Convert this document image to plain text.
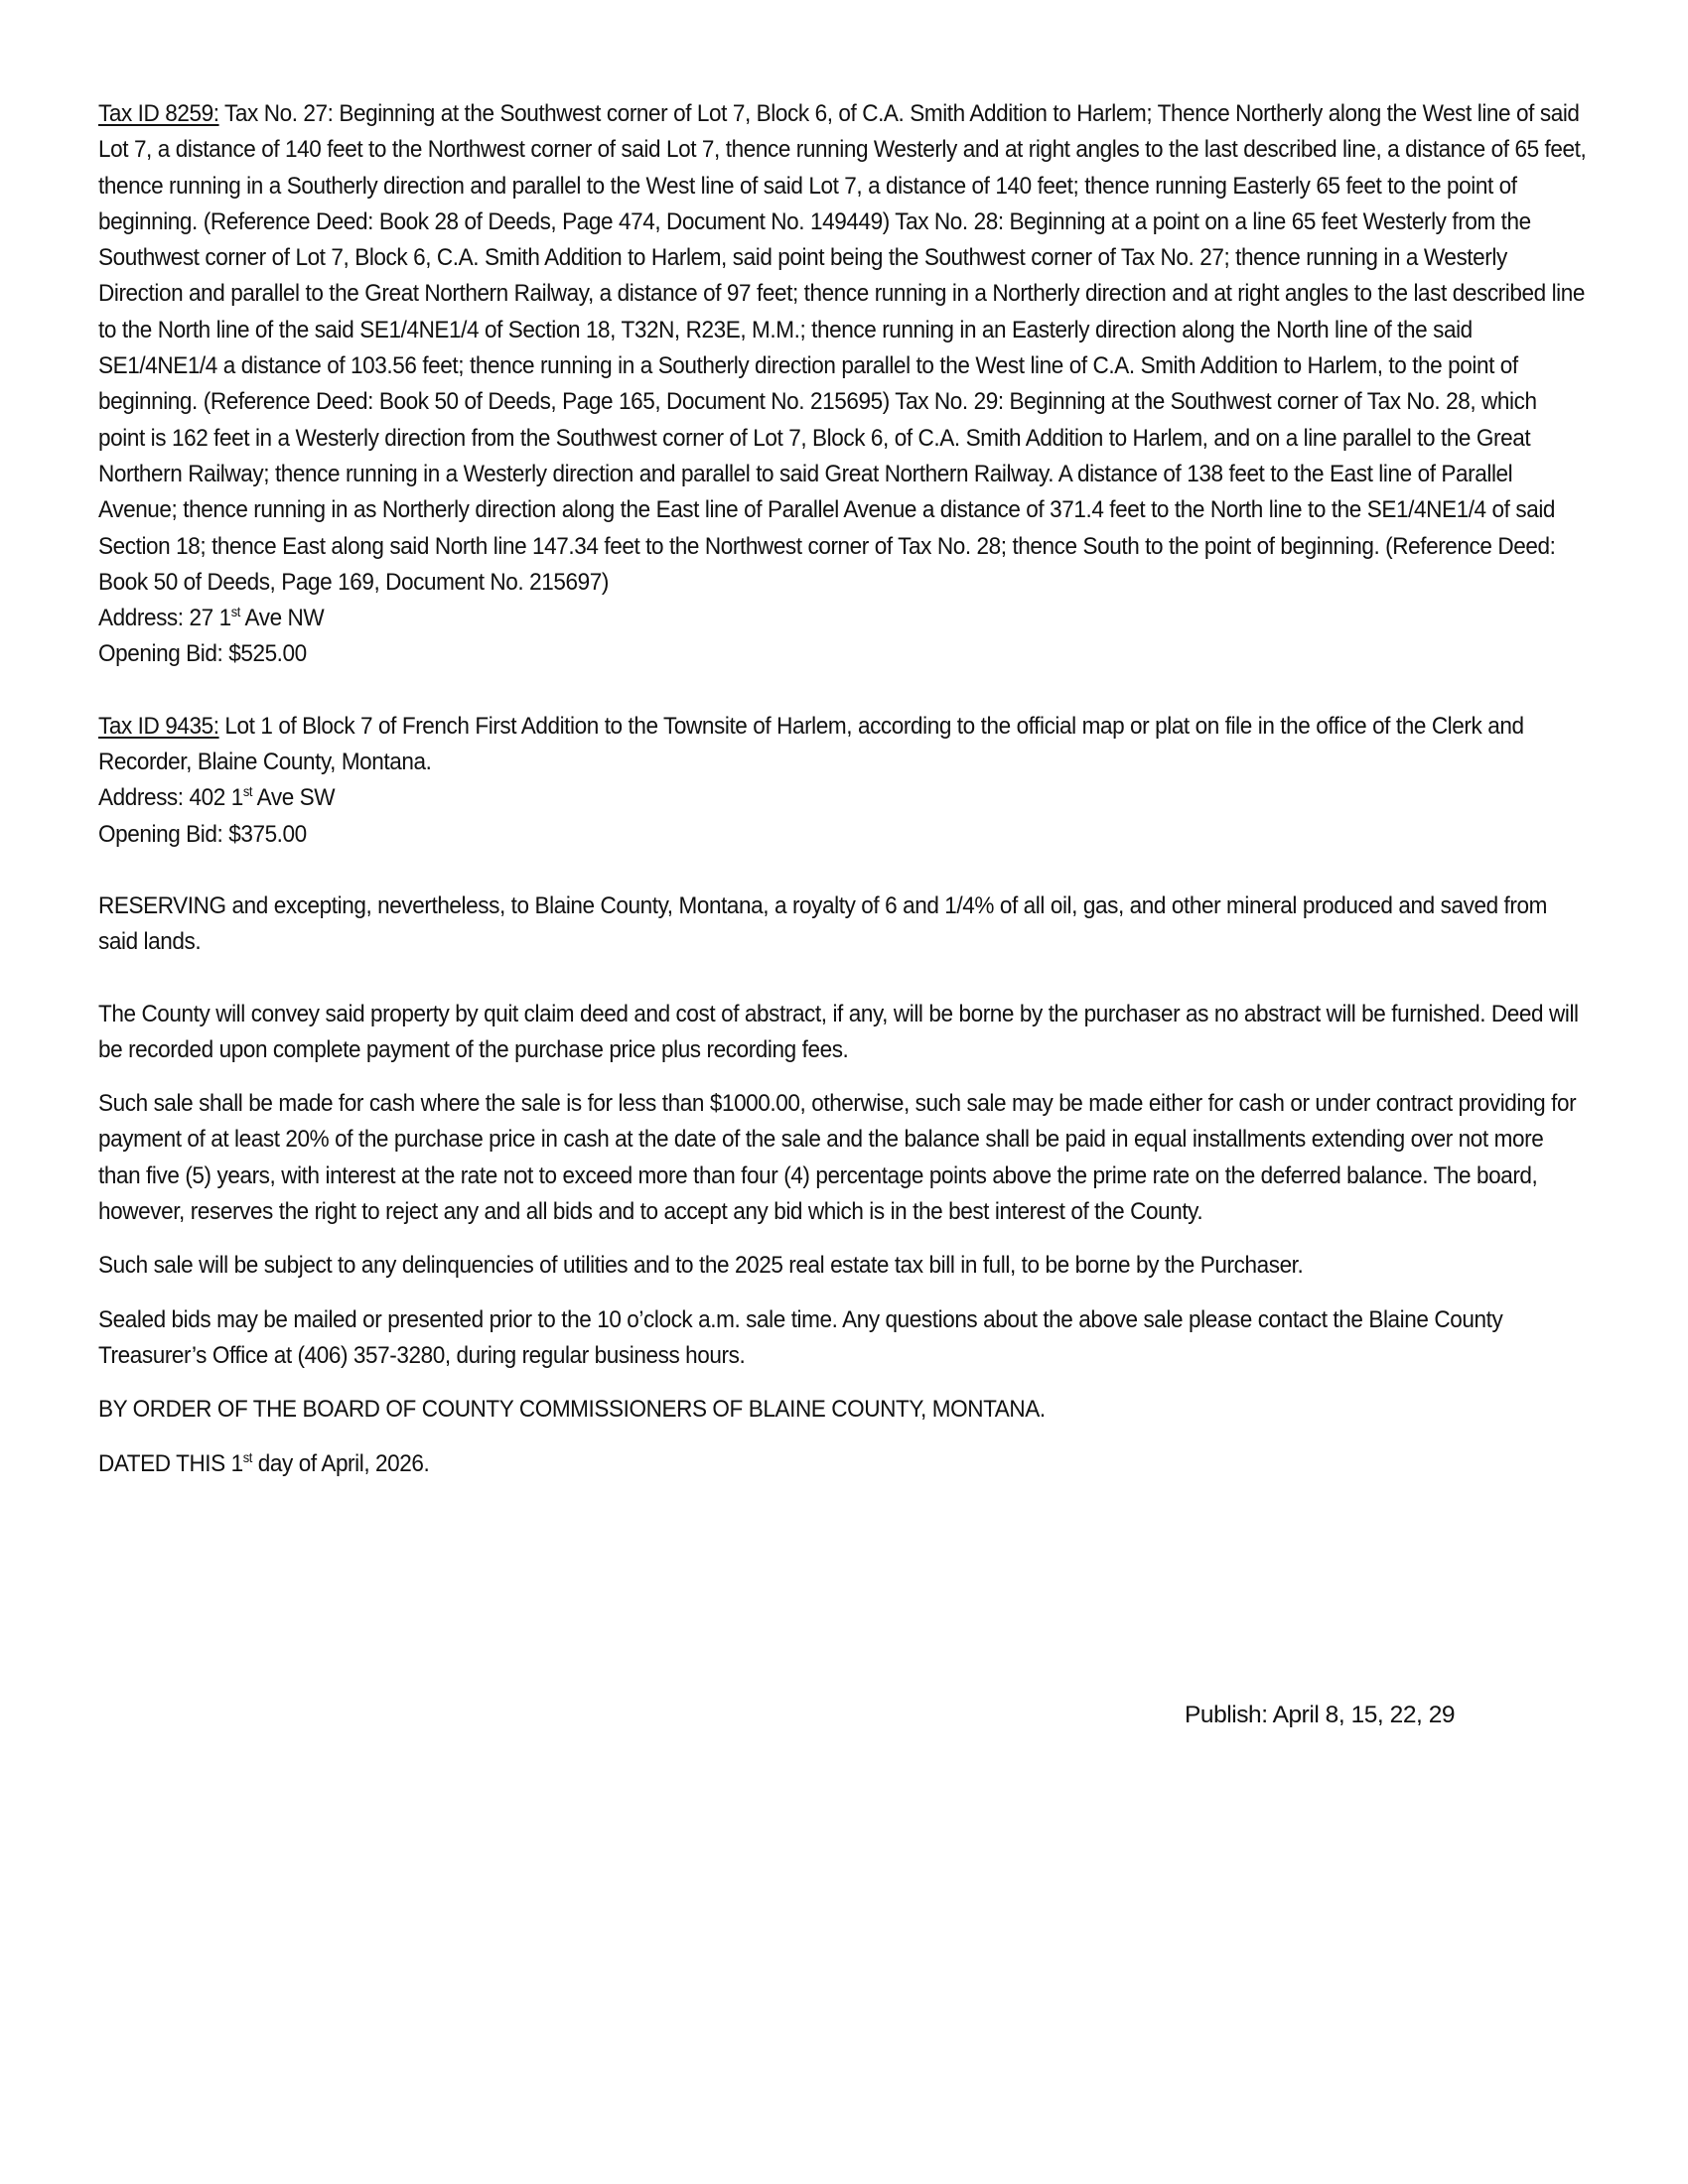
Tax ID 8259: Tax No. 27: Beginning at the Southwest corner of Lot 7, Block 6, of C.A. Smith Addition to Harlem; Thence Northerly along the West line of said Lot 7, a distance of 140 feet to the Northwest corner of said Lot 7, thence running Westerly and at right angles to the last described line, a distance of 65 feet, thence running in a Southerly direction and parallel to the West line of said Lot 7, a distance of 140 feet; thence running Easterly 65 feet to the point of beginning. (Reference Deed: Book 28 of Deeds, Page 474, Document No. 149449) Tax No. 28: Beginning at a point on a line 65 feet Westerly from the Southwest corner of Lot 7, Block 6, C.A. Smith Addition to Harlem, said point being the Southwest corner of Tax No. 27; thence running in a Westerly Direction and parallel to the Great Northern Railway, a distance of 97 feet; thence running in a Northerly direction and at right angles to the last described line to the North line of the said SE1/4NE1/4 of Section 18, T32N, R23E, M.M.; thence running in an Easterly direction along the North line of the said SE1/4NE1/4 a distance of 103.56 feet; thence running in a Southerly direction parallel to the West line of C.A. Smith Addition to Harlem, to the point of beginning. (Reference Deed: Book 50 of Deeds, Page 165, Document No. 215695) Tax No. 29: Beginning at the Southwest corner of Tax No. 28, which point is 162 feet in a Westerly direction from the Southwest corner of Lot 7, Block 6, of C.A. Smith Addition to Harlem, and on a line parallel to the Great Northern Railway; thence running in a Westerly direction and parallel to said Great Northern Railway. A distance of 138 feet to the East line of Parallel Avenue; thence running in as Northerly direction along the East line of Parallel Avenue a distance of 371.4 feet to the North line to the SE1/4NE1/4 of said Section 18; thence East along said North line 147.34 feet to the Northwest corner of Tax No. 28; thence South to the point of beginning. (Reference Deed: Book 50 of Deeds, Page 169, Document No. 215697)

Address: 27 1st Ave NW

Opening Bid: $525.00

Tax ID 9435: Lot 1 of Block 7 of French First Addition to the Townsite of Harlem, according to the official map or plat on file in the office of the Clerk and Recorder, Blaine County, Montana.

Address: 402 1st Ave SW

Opening Bid: $375.00

RESERVING and excepting, nevertheless, to Blaine County, Montana, a royalty of 6 and 1/4% of all oil, gas, and other mineral produced and saved from said lands.

The County will convey said property by quit claim deed and cost of abstract, if any, will be borne by the purchaser as no abstract will be furnished. Deed will be recorded upon complete payment of the purchase price plus recording fees.

Such sale shall be made for cash where the sale is for less than $1000.00, otherwise, such sale may be made either for cash or under contract providing for payment of at least 20% of the purchase price in cash at the date of the sale and the balance shall be paid in equal installments extending over not more than five (5) years, with interest at the rate not to exceed more than four (4) percentage points above the prime rate on the deferred balance. The board, however, reserves the right to reject any and all bids and to accept any bid which is in the best interest of the County.

Such sale will be subject to any delinquencies of utilities and to the 2025 real estate tax bill in full, to be borne by the Purchaser.

Sealed bids may be mailed or presented prior to the 10 o’clock a.m. sale time. Any questions about the above sale please contact the Blaine County Treasurer’s Office at (406) 357-3280, during regular business hours.

BY ORDER OF THE BOARD OF COUNTY COMMISSIONERS OF BLAINE COUNTY, MONTANA.

DATED THIS 1st day of April, 2026.

Publish: April 8, 15, 22, 29
